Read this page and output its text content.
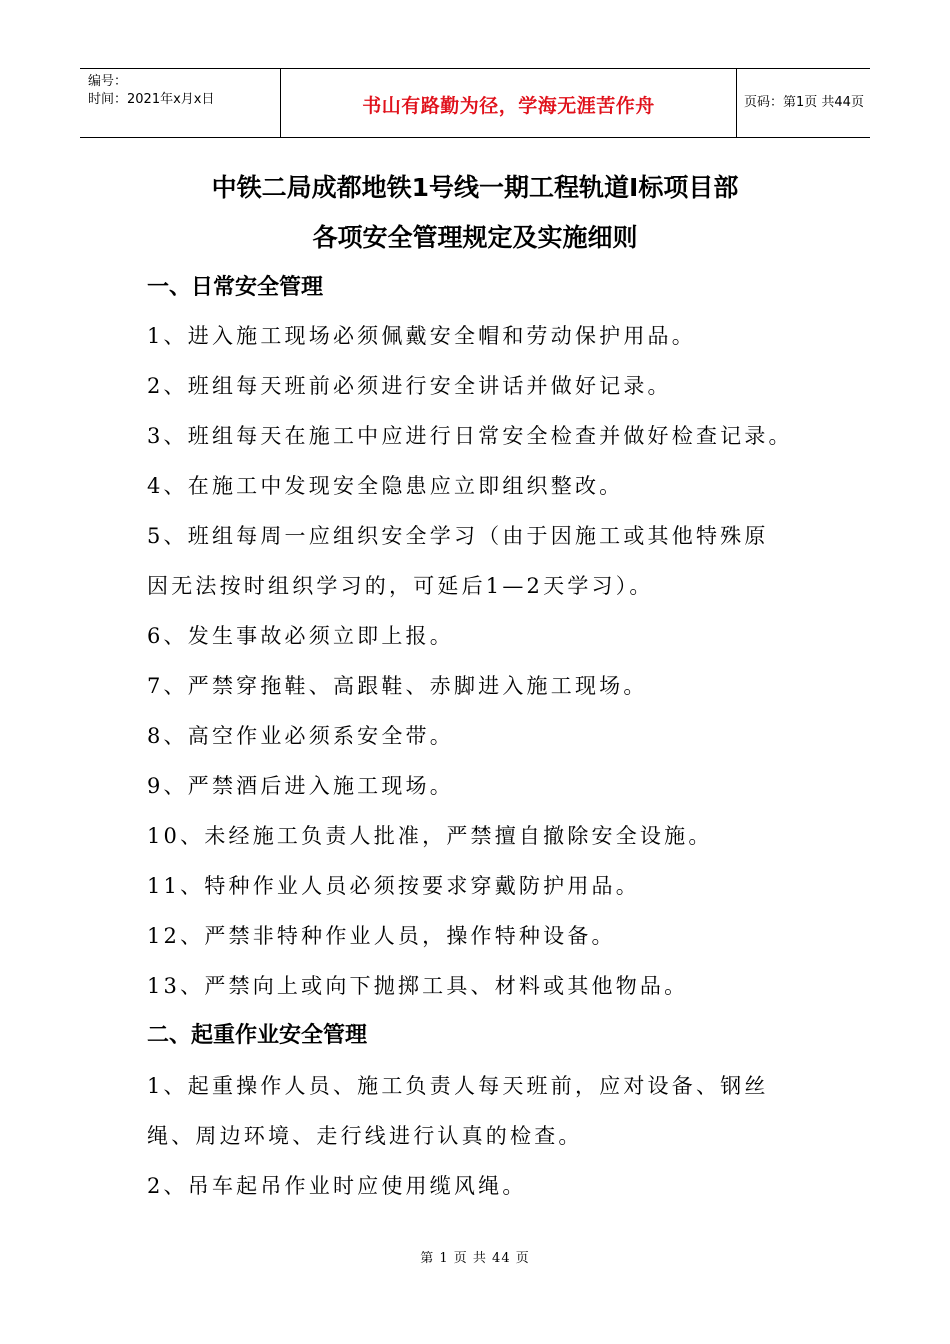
编号：
时间：2021年x月x日	书山有路勤为径，学海无涯苦作舟	页码：第1页 共44页
中铁二局成都地铁1号线一期工程轨道Ⅰ标项目部
各项安全管理规定及实施细则
一、日常安全管理
1、进入施工现场必须佩戴安全帽和劳动保护用品。
2、班组每天班前必须进行安全讲话并做好记录。
3、班组每天在施工中应进行日常安全检查并做好检查记录。
4、在施工中发现安全隐患应立即组织整改。
5、班组每周一应组织安全学习（由于因施工或其他特殊原
因无法按时组织学习的，可延后1—2天学习）。
6、发生事故必须立即上报。
7、严禁穿拖鞋、高跟鞋、赤脚进入施工现场。
8、高空作业必须系安全带。
9、严禁酒后进入施工现场。
10、未经施工负责人批准，严禁擅自撤除安全设施。
11、特种作业人员必须按要求穿戴防护用品。
12、严禁非特种作业人员，操作特种设备。
13、严禁向上或向下抛掷工具、材料或其他物品。
二、起重作业安全管理
1、起重操作人员、施工负责人每天班前，应对设备、钢丝
绳、周边环境、走行线进行认真的检查。
2、吊车起吊作业时应使用缆风绳。
第 1 页 共 44 页
